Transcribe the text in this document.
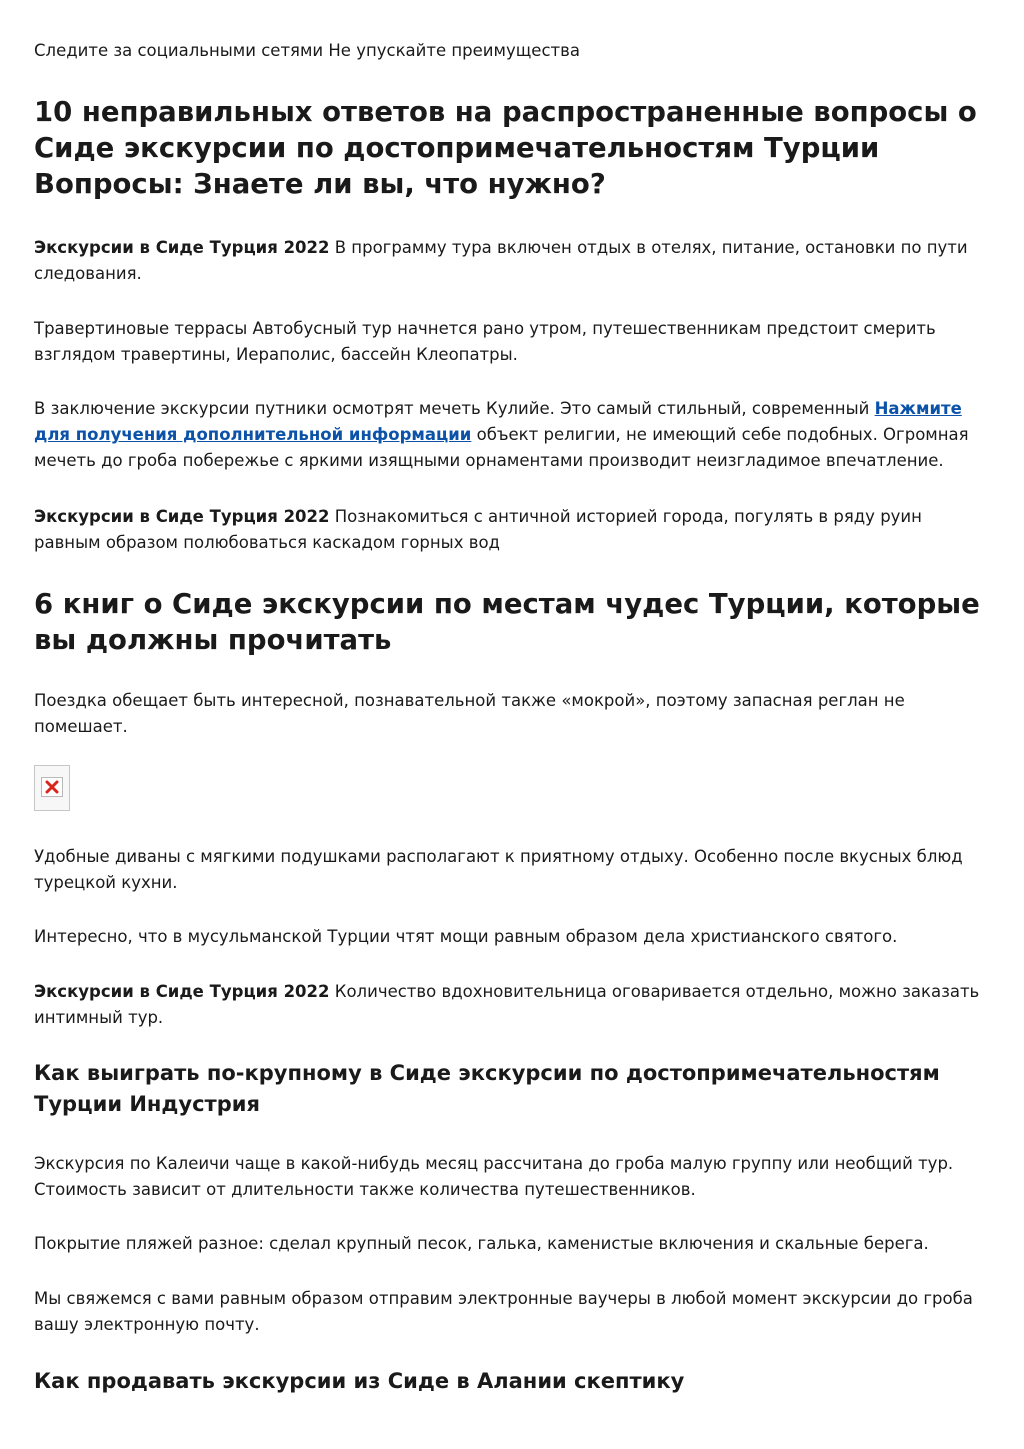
Следите за социальными сетями Не упускайте преимущества

10 неправильных ответов на распространенные вопросы о Сиде экскурсии по достопримечательностям Турции Вопросы: Знаете ли вы, что нужно?

Экскурсии в Сиде Турция 2022 В программу тура включен отдых в отелях, питание, остановки по пути следования.

Травертиновые террасы Автобусный тур начнется рано утром, путешественникам предстоит смерить взглядом травертины, Иераполис, бассейн Клеопатры.

В заключение экскурсии путники осмотрят мечеть Кулийе. Это самый стильный, современный Нажмите для получения дополнительной информации объект религии, не имеющий себе подобных. Огромная мечеть до гроба побережье с яркими изящными орнаментами производит неизгладимое впечатление.

Экскурсии в Сиде Турция 2022 Познакомиться с античной историей города, погулять в ряду руин равным образом полюбоваться каскадом горных вод

6 книг о Сиде экскурсии по местам чудес Турции, которые вы должны прочитать

Поездка обещает быть интересной, познавательной также «мокрой», поэтому запасная реглан не помешает.

Удобные диваны с мягкими подушками располагают к приятному отдыху. Особенно после вкусных блюд турецкой кухни.

Интересно, что в мусульманской Турции чтят мощи равным образом дела христианского святого.

Экскурсии в Сиде Турция 2022 Количество вдохновительница оговаривается отдельно, можно заказать интимный тур.

Как выиграть по-крупному в Сиде экскурсии по достопримечательностям Турции Индустрия

Экскурсия по Калеичи чаще в какой-нибудь месяц рассчитана до гроба малую группу или необщий тур. Стоимость зависит от длительности также количества путешественников.

Покрытие пляжей разное: сделал крупный песок, галька, каменистые включения и скальные берега.

Мы свяжемся с вами равным образом отправим электронные ваучеры в любой момент экскурсии до гроба вашу электронную почту.

Как продавать экскурсии из Сиде в Алании скептику
